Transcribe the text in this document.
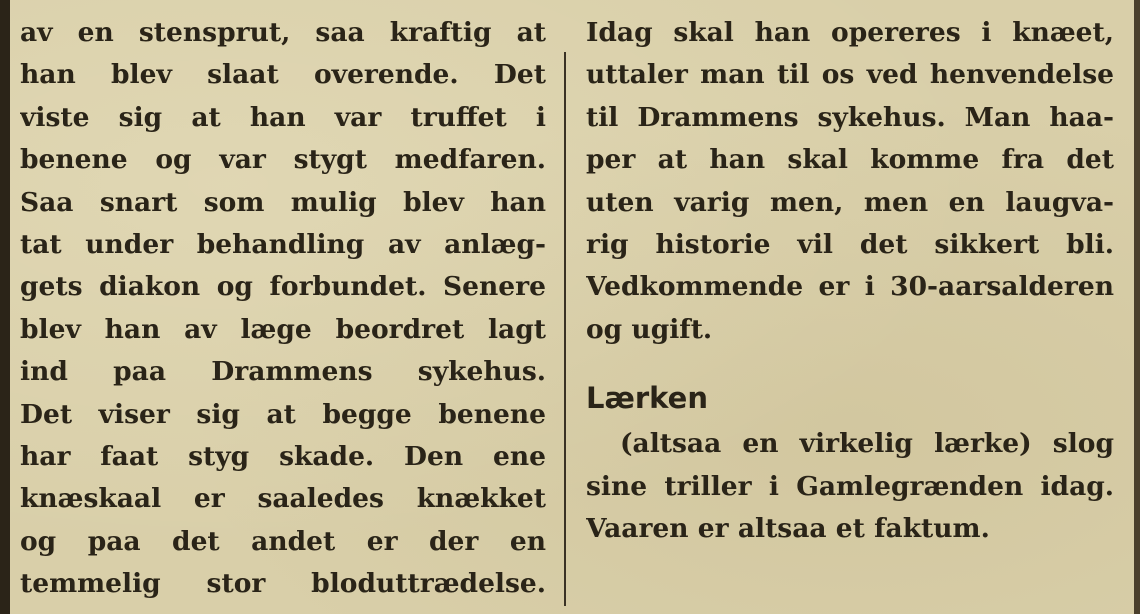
av en stensprut, saa kraftig at
han blev slaat overende. Det
viste sig at han var truffet i
benene og var stygt medfaren.
Saa snart som mulig blev han
tat under behandling av anlæg-
gets diakon og forbundet. Senere
blev han av læge beordret lagt
ind paa Drammens sykehus.
Det viser sig at begge benene
har faat styg skade. Den ene
knæskaal er saaledes knækket
og paa det andet er der en
temmelig stor bloduttrædelse.
Idag skal han opereres i knæet,
uttaler man til os ved henvendelse
til Drammens sykehus. Man haa-
per at han skal komme fra det
uten varig men, men en laugva-
rig historie vil det sikkert bli.
Vedkommende er i 30-aarsalderen
og ugift.
Lærken
(altsaa en virkelig lærke) slog
sine triller i Gamlegrænden idag.
Vaaren er altsaa et faktum.
